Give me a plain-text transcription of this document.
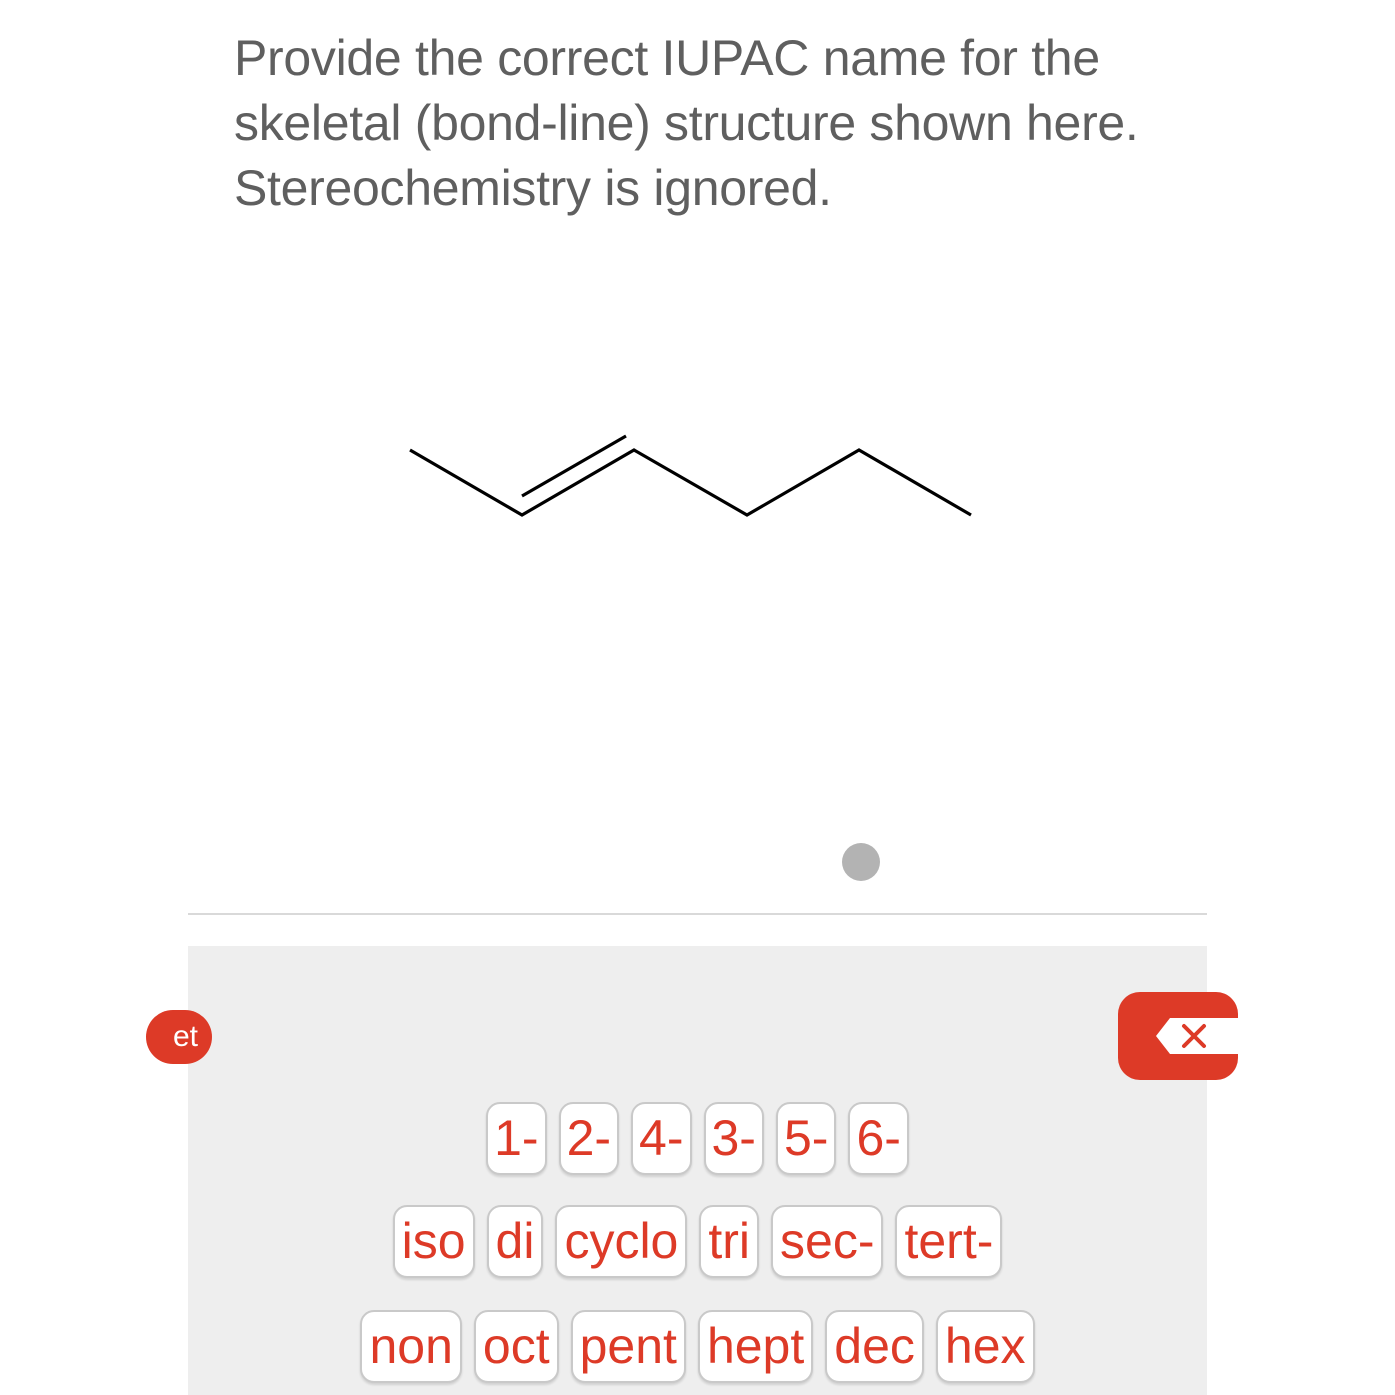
Provide the correct IUPAC name for the skeletal (bond-line) structure shown here. Stereochemistry is ignored.
et
1- 2- 4- 3- 5- 6-
iso di cyclo tri sec- tert-
non oct pent hept dec hex
